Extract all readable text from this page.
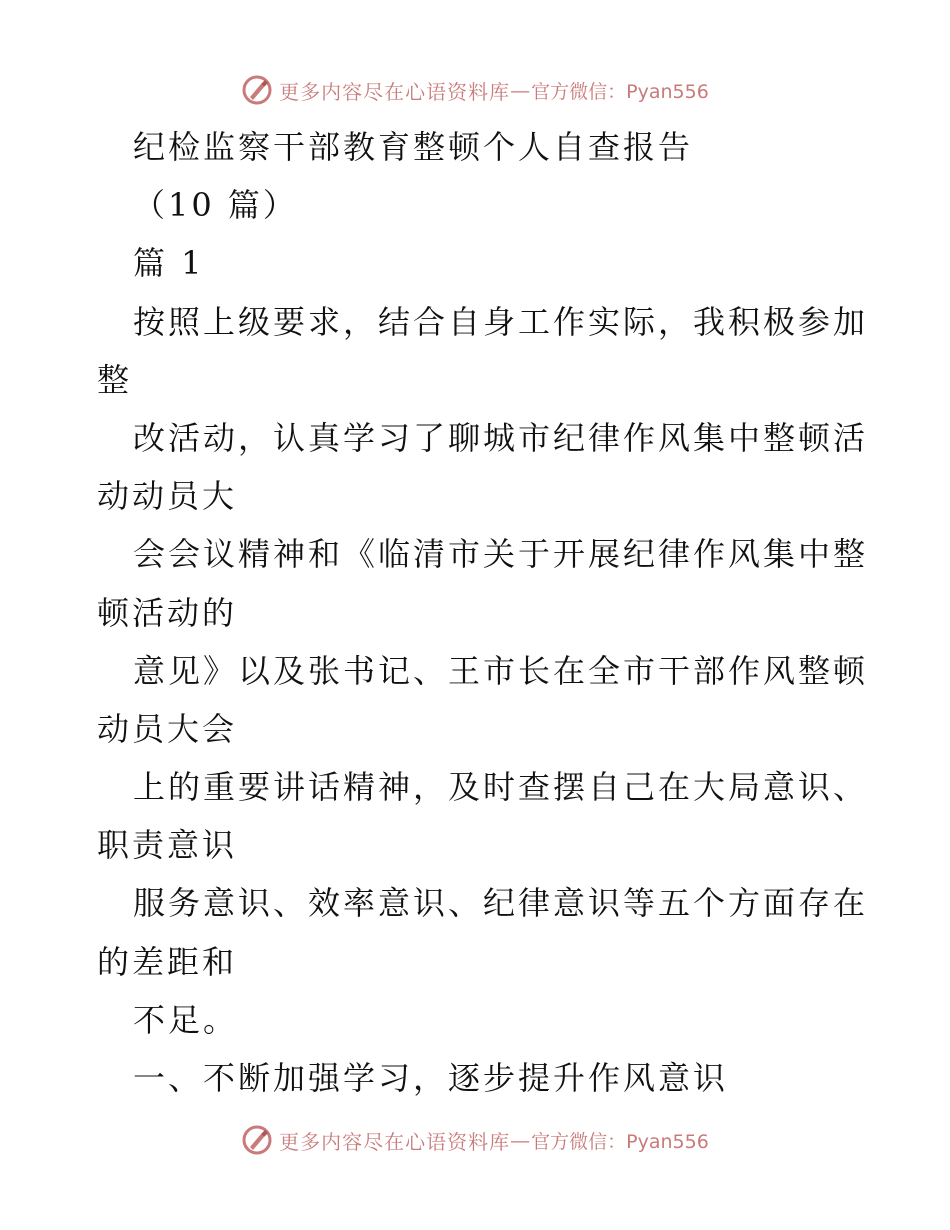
更多内容尽在心语资料库 — 官方微信：Pyan556
纪检监察干部教育整顿个人自查报告
（10 篇）
篇 1
按照上级要求，结合自身工作实际，我积极参加
整
改活动，认真学习了聊城市纪律作风集中整顿活
动动员大
会会议精神和《临清市关于开展纪律作风集中整
顿活动的
意见》以及张书记、王市长在全市干部作风整顿
动员大会
上的重要讲话精神，及时查摆自己在大局意识、
职责意识
服务意识、效率意识、纪律意识等五个方面存在
的差距和
不足。
一、不断加强学习，逐步提升作风意识
更多内容尽在心语资料库 — 官方微信：Pyan556
